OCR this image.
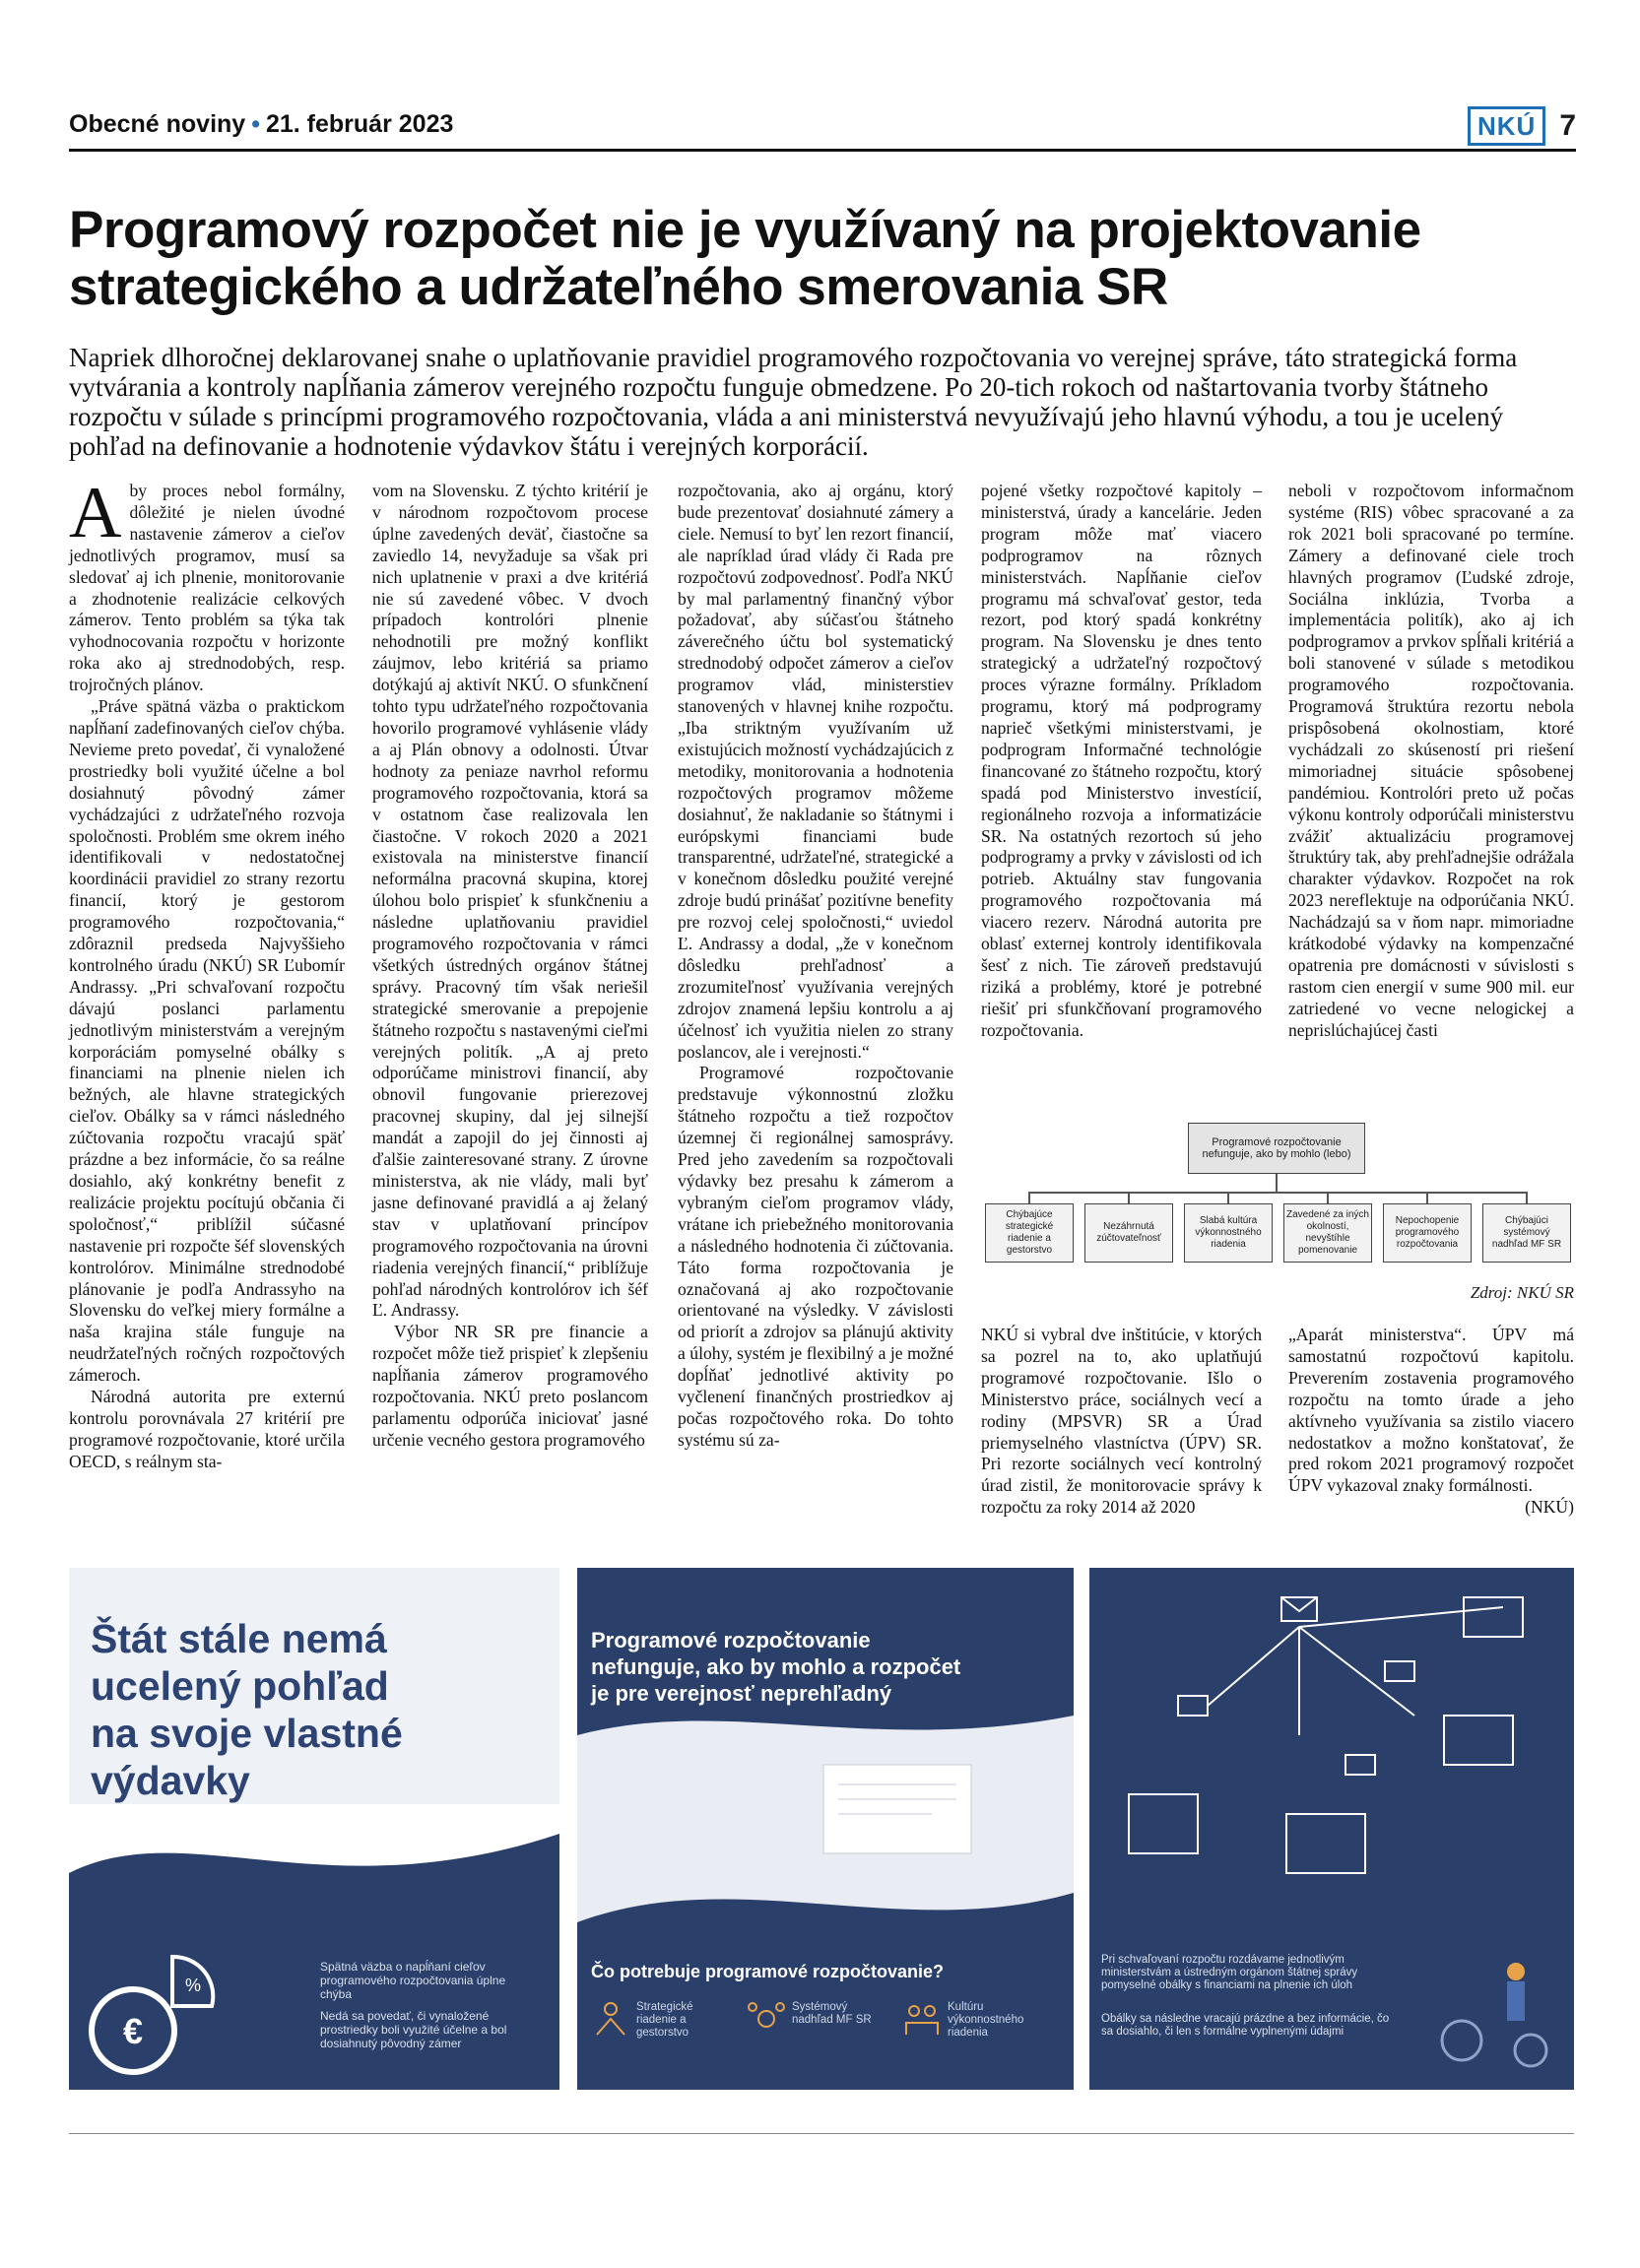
Obecné noviny • 21. február 2023	NKÚ 7
Programový rozpočet nie je využívaný na projektovanie strategického a udržateľného smerovania SR

Napriek dlhoročnej deklarovanej snahe o uplatňovanie pravidiel programového rozpočtovania vo verejnej správe, táto strategická forma vytvárania a kontroly napĺňania zámerov verejného rozpočtu funguje obmedzene. Po 20-tich rokoch od naštartovania tvorby štátneho rozpočtu v súlade s princípmi programového rozpočtovania, vláda a ani ministerstvá nevyužívajú jeho hlavnú výhodu, a tou je ucelený pohľad na definovanie a hodnotenie výdavkov štátu i verejných korporácií.

Aby proces nebol formálny, dôležité je nielen úvodné nastavenie zámerov a cieľov jednotlivých programov, musí sa sledovať aj ich plnenie, monitorovanie a zhodnotenie realizácie celkových zámerov. Tento problém sa týka tak vyhodnocovania rozpočtu v horizonte roka ako aj strednodobých, resp. trojročných plánov.

„Práve spätná väzba o praktickom napĺňaní zadefinovaných cieľov chýba. Nevieme preto povedať, či vynaložené prostriedky boli využité účelne a bol dosiahnutý pôvodný zámer vychádzajúci z udržateľného rozvoja spoločnosti. Problém sme okrem iného identifikovali v nedostatočnej koordinácii pravidiel zo strany rezortu financií, ktorý je gestorom programového rozpočtovania,“ zdôraznil predseda Najvyššieho kontrolného úradu (NKÚ) SR Ľubomír Andrassy. „Pri schvaľovaní rozpočtu dávajú poslanci parlamentu jednotlivým ministerstvám a verejným korporáciám pomyselné obálky s financiami na plnenie nielen ich bežných, ale hlavne strategických cieľov. Obálky sa v rámci následného zúčtovania rozpočtu vracajú späť prázdne a bez informácie, čo sa reálne dosiahlo, aký konkrétny benefit z realizácie projektu pocítujú občania či spoločnosť,“ priblížil súčasné nastavenie pri rozpočte šéf slovenských kontrolórov. Minimálne strednodobé plánovanie je podľa Andrassyho na Slovensku do veľkej miery formálne a naša krajina stále funguje na neudržateľných ročných rozpočtových zámeroch.

Národná autorita pre externú kontrolu porovnávala 27 kritérií pre programové rozpočtovanie, ktoré určila OECD, s reálnym sta-

vom na Slovensku. Z týchto kritérií je v národnom rozpočtovom procese úplne zavedených deväť, čiastočne sa zaviedlo 14, nevyžaduje sa však pri nich uplatnenie v praxi a dve kritériá nie sú zavedené vôbec. V dvoch prípadoch kontrolóri plnenie nehodnotili pre možný konflikt záujmov, lebo kritériá sa priamo dotýkajú aj aktivít NKÚ. O sfunkčnení tohto typu udržateľného rozpočtovania hovorilo programové vyhlásenie vlády a aj Plán obnovy a odolnosti. Útvar hodnoty za peniaze navrhol reformu programového rozpočtovania, ktorá sa v ostatnom čase realizovala len čiastočne. V rokoch 2020 a 2021 existovala na ministerstve financií neformálna pracovná skupina, ktorej úlohou bolo prispieť k sfunkčneniu a následne uplatňovaniu pravidiel programového rozpočtovania v rámci všetkých ústredných orgánov štátnej správy. Pracovný tím však neriešil strategické smerovanie a prepojenie štátneho rozpočtu s nastavenými cieľmi verejných politík. „A aj preto odporúčame ministrovi financií, aby obnovil fungovanie prierezovej pracovnej skupiny, dal jej silnejší mandát a zapojil do jej činnosti aj ďalšie zainteresované strany. Z úrovne ministerstva, ak nie vlády, mali byť jasne definované pravidlá a aj želaný stav v uplatňovaní princípov programového rozpočtovania na úrovni riadenia verejných financií,“ priblížuje pohľad národných kontrolórov ich šéf Ľ. Andrassy.

Výbor NR SR pre financie a rozpočet môže tiež prispieť k zlepšeniu napĺňania zámerov programového rozpočtovania. NKÚ preto poslancom parlamentu odporúča iniciovať jasné určenie vecného gestora programového

rozpočtovania, ako aj orgánu, ktorý bude prezentovať dosiahnuté zámery a ciele. Nemusí to byť len rezort financií, ale napríklad úrad vlády či Rada pre rozpočtovú zodpovednosť. Podľa NKÚ by mal parlamentný finančný výbor požadovať, aby súčasťou štátneho záverečného účtu bol systematický strednodobý odpočet zámerov a cieľov programov vlád, ministerstiev stanovených v hlavnej knihe rozpočtu. „Iba striktným využívaním už existujúcich možností vychádzajúcich z metodiky, monitorovania a hodnotenia rozpočtových programov môžeme dosiahnuť, že nakladanie so štátnymi i európskymi financiami bude transparentné, udržateľné, strategické a v konečnom dôsledku použité verejné zdroje budú prinášať pozitívne benefity pre rozvoj celej spoločnosti,“ uviedol Ľ. Andrassy a dodal, „že v konečnom dôsledku prehľadnosť a zrozumiteľnosť využívania verejných zdrojov znamená lepšiu kontrolu a aj účelnosť ich využitia nielen zo strany poslancov, ale i verejnosti.“

Programové rozpočtovanie predstavuje výkonnostnú zložku štátneho rozpočtu a tiež rozpočtov územnej či regionálnej samosprávy. Pred jeho zavedením sa rozpočtovali výdavky bez presahu k zámerom a vybraným cieľom programov vlády, vrátane ich priebežného monitorovania a následného hodnotenia či zúčtovania. Táto forma rozpočtovania je označovaná aj ako rozpočtovanie orientované na výsledky. V závislosti od priorít a zdrojov sa plánujú aktivity a úlohy, systém je flexibilný a je možné dopĺňať jednotlivé aktivity po vyčlenení finančných prostriedkov aj počas rozpočtového roka. Do tohto systému sú za-

pojené všetky rozpočtové kapitoly – ministerstvá, úrady a kancelárie. Jeden program môže mať viacero podprogramov na rôznych ministerstvách. Napĺňanie cieľov programu má schvaľovať gestor, teda rezort, pod ktorý spadá konkrétny program. Na Slovensku je dnes tento strategický a udržateľný rozpočtový proces výrazne formálny. Príkladom programu, ktorý má podprogramy naprieč všetkými ministerstvami, je podprogram Informačné technológie financované zo štátneho rozpočtu, ktorý spadá pod Ministerstvo investícií, regionálneho rozvoja a informatizácie SR. Na ostatných rezortoch sú jeho podprogramy a prvky v závislosti od ich potrieb. Aktuálny stav fungovania programového rozpočtovania má viacero rezerv. Národná autorita pre oblasť externej kontroly identifikovala šesť z nich. Tie zároveň predstavujú riziká a problémy, ktoré je potrebné riešiť pri sfunkčňovaní programového rozpočtovania.

neboli v rozpočtovom informačnom systéme (RIS) vôbec spracované a za rok 2021 boli spracované po termíne. Zámery a definované ciele troch hlavných programov (Ľudské zdroje, Sociálna inklúzia, Tvorba a implementácia politík), ako aj ich podprogramov a prvkov spĺňali kritériá a boli stanovené v súlade s metodikou programového rozpočtovania. Programová štruktúra rezortu nebola prispôsobená okolnostiam, ktoré vychádzali zo skúseností pri riešení mimoriadnej situácie spôsobenej pandémiou. Kontrolóri preto už počas výkonu kontroly odporúčali ministerstvu zvážiť aktualizáciu programovej štruktúry tak, aby prehľadnejšie odrážala charakter výdavkov. Rozpočet na rok 2023 nereflektuje na odporúčania NKÚ. Nachádzajú sa v ňom napr. mimoriadne krátkodobé výdavky na kompenzačné opatrenia pre domácnosti v súvislosti s rastom cien energií v sume 900 mil. eur zatriedené vo vecne nelogickej a neprislúchajúcej časti

Programové rozpočtovanie nefunguje, ako by mohlo (lebo)
Chýbajúce strategické riadenie a gestorstvo
Nezáhrnutá zúčtovateľnosť
Slabá kultúra výkonnostného riadenia
Zavedené za iných okolností, nevyštíhle pomenovanie
Nepochopenie programového rozpočtovania
Chýbajúci systémový nadhľad MF SR
Zdroj: NKÚ SR

NKÚ si vybral dve inštitúcie, v ktorých sa pozrel na to, ako uplatňujú programové rozpočtovanie. Išlo o Ministerstvo práce, sociálnych vecí a rodiny (MPSVR) SR a Úrad priemyselného vlastníctva (ÚPV) SR. Pri rezorte sociálnych vecí kontrolný úrad zistil, že monitorovacie správy k rozpočtu za roky 2014 až 2020

„Aparát ministerstva“. ÚPV má samostatnú rozpočtovú kapitolu. Preverením zostavenia programového rozpočtu na tomto úrade a jeho aktívneho využívania sa zistilo viacero nedostatkov a možno konštatovať, že pred rokom 2021 programový rozpočet ÚPV vykazoval znaky formálnosti.

(NKÚ)

Štát stále nemá
ucelený pohľad
na svoje vlastné
výdavky
€
%
Spätná väzba o napĺňaní cieľov programového rozpočtovania úplne chýba
Nedá sa povedať, či vynaložené prostriedky boli využité účelne a bol dosiahnutý pôvodný zámer
Programové rozpočtovanie
nefunguje, ako by mohlo a rozpočet
je pre verejnosť neprehľadný
Čo potrebuje programové rozpočtovanie?
Strategické riadenie a gestorstvo
Systémový nadhľad MF SR
Kultúru výkonnostného riadenia
Pri schvaľovaní rozpočtu rozdávame jednotlivým ministerstvám a ústredným orgánom štátnej správy pomyselné obálky s financiami na plnenie ich úloh
Obálky sa následne vracajú prázdne a bez informácie, čo sa dosiahlo, či len s formálne vyplnenými údajmi
